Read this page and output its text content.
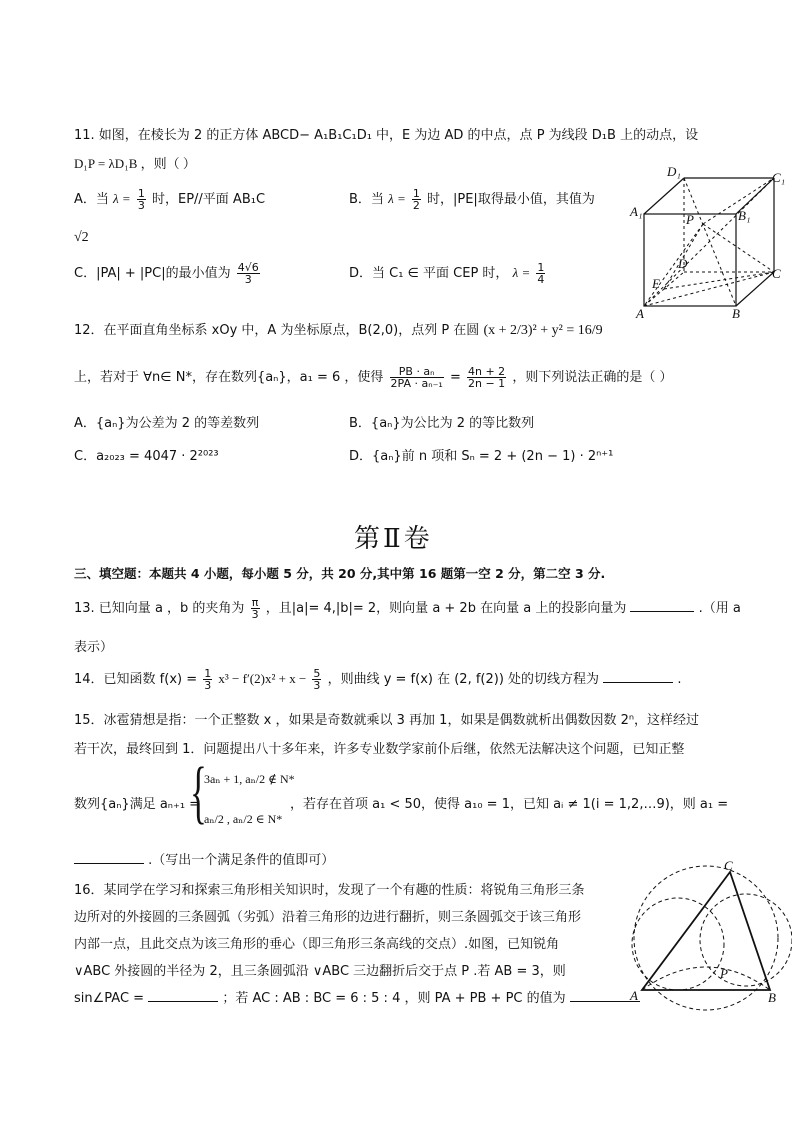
11. 如图，在棱长为 2 的正方体 ABCD− A₁B₁C₁D₁ 中，E 为边 AD 的中点，点 P 为线段 D₁B 上的动点，设
D₁P = λD₁B ，则（ ）
A．当 $\lambda = \frac{1}{3}$ 时，EP//平面 AB₁C	B．当 $\lambda = \frac{1}{2}$ 时，|PE|取得最小值，其值为
√2
C．|PA| + |PC|的最小值为 $\frac{4√6}{3}$	D．当 C₁ ∈ 平面 CEP 时， $\lambda = \frac{1}{4}$
D₁	C₁
A₁	B₁
P
D
C
E
A	B
12．在平面直角坐标系 xOy 中，A 为坐标原点，B(2,0)，点列 P 在圆 (x + 2/3)² + y² = 16/9
上，若对于 ∀n∈ N*，存在数列{aₙ}，a₁ = 6 ，使得 $\frac{\text{PB · aₙ}}{\text{2PA · aₙ₋₁}} = \frac{4n + 2}{2n - 1}$ ，则下列说法正确的是（ ）
A．{aₙ}为公差为 2 的等差数列	B．{aₙ}为公比为 2 的等比数列
C．a₂₀₂₃ = 4047 · 2²⁰²³	D．{aₙ}前 n 项和 Sₙ = 2 + (2n − 1) · 2ⁿ⁺¹
第Ⅱ卷
三、填空题：本题共 4 小题，每小题 5 分，共 20 分,其中第 16 题第一空 2 分，第二空 3 分.
13. 已知向量 a ，b 的夹角为 $\frac{\pi}{3}$ ，且|a|= 4,|b|= 2，则向量 a + 2b 在向量 a 上的投影向量为	.（用 a
表示）
14．已知函数 $f(x) = \frac{1}{3} x^3 - f'(2)x^2 + x - \frac{5}{3}$ ，则曲线 y = f(x) 在 (2, f(2)) 处的切线方程为	.
15．冰雹猜想是指：一个正整数 x ，如果是奇数就乘以 3 再加 1，如果是偶数就析出偶数因数 2ⁿ，这样经过
若干次，最终回到 1．问题提出八十多年来，许多专业数学家前仆后继，依然无法解决这个问题，已知正整
数列{aₙ}满足 aₙ₊₁ =
{
3aₙ + 1, aₙ/2 ∉ N*
aₙ/2 , aₙ/2 ∈ N*
，若存在首项 a₁ < 50，使得 a₁₀ = 1，已知 aᵢ ≠ 1(i = 1,2,…9)，则 a₁ =
.（写出一个满足条件的值即可）
16．某同学在学习和探索三角形相关知识时，发现了一个有趣的性质：将锐角三角形三条
边所对的外接圆的三条圆弧（劣弧）沿着三角形的边进行翻折，则三条圆弧交于该三角形
内部一点，且此交点为该三角形的垂心（即三角形三条高线的交点）.如图，已知锐角
∨ABC 外接圆的半径为 2，且三条圆弧沿 ∨ABC 三边翻折后交于点 P .若 AB = 3，则
sin∠PAC =	；若 AC : AB : BC = 6 : 5 : 4 ，则 PA + PB + PC 的值为
C
P
A	B
